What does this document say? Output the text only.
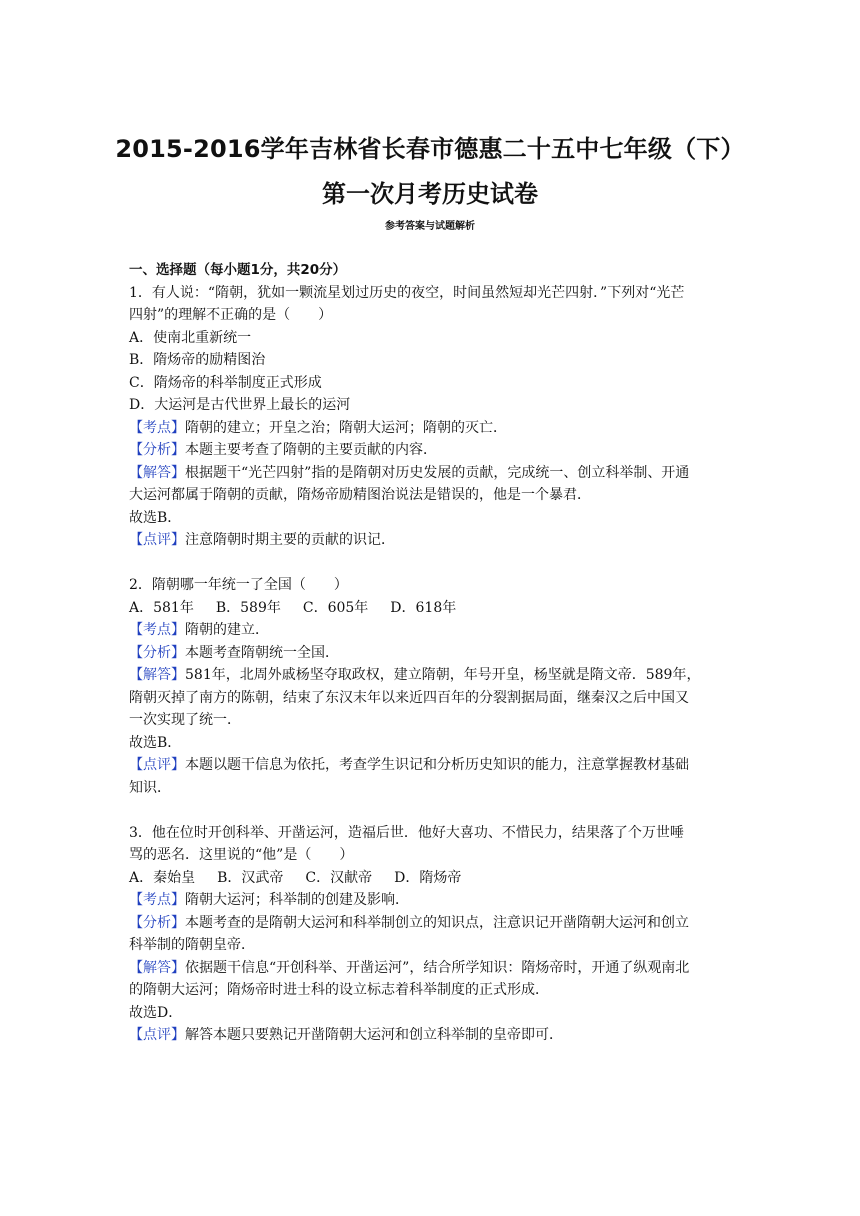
2015-2016学年吉林省长春市德惠二十五中七年级（下）
第一次月考历史试卷
参考答案与试题解析
一、选择题（每小题1分，共20分）
1．有人说：“隋朝，犹如一颗流星划过历史的夜空，时间虽然短却光芒四射．”下列对“光芒
四射”的理解不正确的是（　　）
A．使南北重新统一
B．隋炀帝的励精图治
C．隋炀帝的科举制度正式形成
D．大运河是古代世界上最长的运河
【考点】隋朝的建立；开皇之治；隋朝大运河；隋朝的灭亡．
【分析】本题主要考查了隋朝的主要贡献的内容．
【解答】根据题干“光芒四射”指的是隋朝对历史发展的贡献，完成统一、创立科举制、开通
大运河都属于隋朝的贡献，隋炀帝励精图治说法是错误的，他是一个暴君．
故选B．
【点评】注意隋朝时期主要的贡献的识记．
2．隋朝哪一年统一了全国（　　）
A．581年 B．589年 C．605年 D．618年
【考点】隋朝的建立．
【分析】本题考查隋朝统一全国．
【解答】581年，北周外戚杨坚夺取政权，建立隋朝，年号开皇，杨坚就是隋文帝．589年，
隋朝灭掉了南方的陈朝，结束了东汉末年以来近四百年的分裂割据局面，继秦汉之后中国又
一次实现了统一．
故选B．
【点评】本题以题干信息为依托，考查学生识记和分析历史知识的能力，注意掌握教材基础
知识．
3．他在位时开创科举、开凿运河，造福后世．他好大喜功、不惜民力，结果落了个万世唾
骂的恶名．这里说的“他”是（　　）
A．秦始皇 B．汉武帝 C．汉献帝 D．隋炀帝
【考点】隋朝大运河；科举制的创建及影响．
【分析】本题考查的是隋朝大运河和科举制创立的知识点，注意识记开凿隋朝大运河和创立
科举制的隋朝皇帝．
【解答】依据题干信息“开创科举、开凿运河”，结合所学知识：隋炀帝时，开通了纵观南北
的隋朝大运河；隋炀帝时进士科的设立标志着科举制度的正式形成．
故选D．
【点评】解答本题只要熟记开凿隋朝大运河和创立科举制的皇帝即可．
